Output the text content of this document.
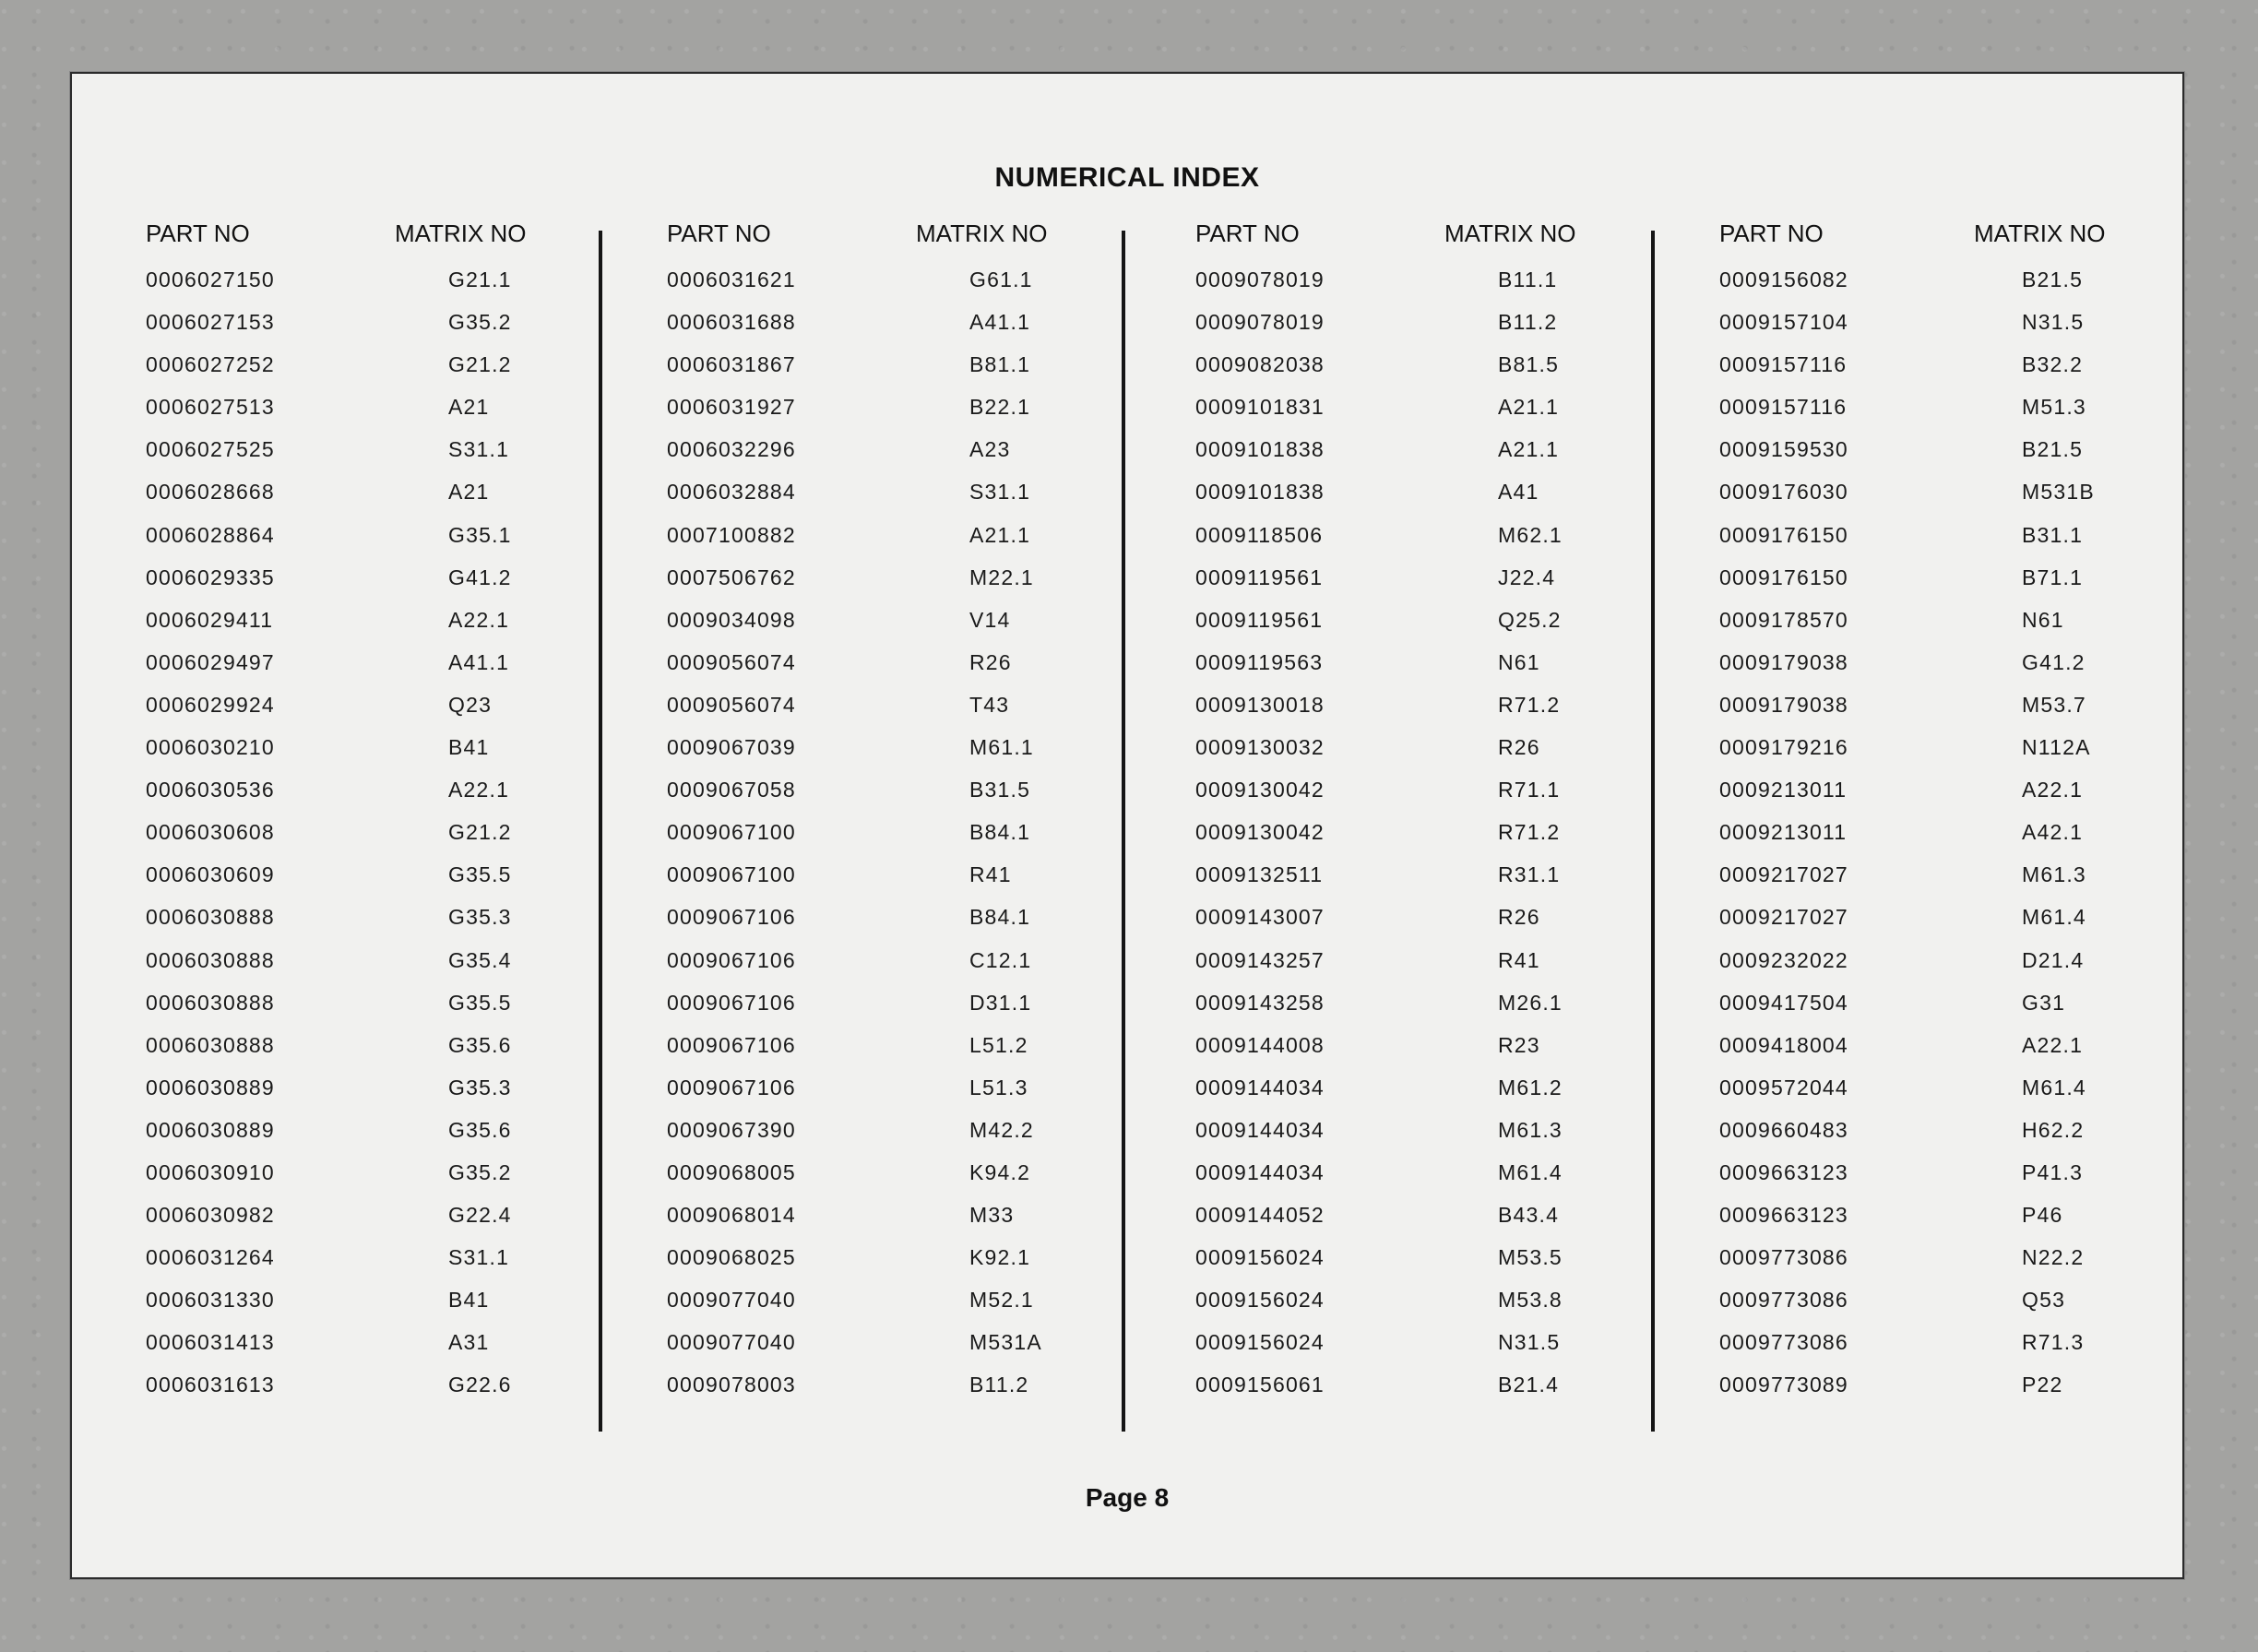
NUMERICAL INDEX
PART NO	MATRIX NO
0006027150	G21.1
0006027153	G35.2
0006027252	G21.2
0006027513	A21
0006027525	S31.1
0006028668	A21
0006028864	G35.1
0006029335	G41.2
0006029411	A22.1
0006029497	A41.1
0006029924	Q23
0006030210	B41
0006030536	A22.1
0006030608	G21.2
0006030609	G35.5
0006030888	G35.3
0006030888	G35.4
0006030888	G35.5
0006030888	G35.6
0006030889	G35.3
0006030889	G35.6
0006030910	G35.2
0006030982	G22.4
0006031264	S31.1
0006031330	B41
0006031413	A31
0006031613	G22.6
PART NO	MATRIX NO
0006031621	G61.1
0006031688	A41.1
0006031867	B81.1
0006031927	B22.1
0006032296	A23
0006032884	S31.1
0007100882	A21.1
0007506762	M22.1
0009034098	V14
0009056074	R26
0009056074	T43
0009067039	M61.1
0009067058	B31.5
0009067100	B84.1
0009067100	R41
0009067106	B84.1
0009067106	C12.1
0009067106	D31.1
0009067106	L51.2
0009067106	L51.3
0009067390	M42.2
0009068005	K94.2
0009068014	M33
0009068025	K92.1
0009077040	M52.1
0009077040	M531A
0009078003	B11.2
PART NO	MATRIX NO
0009078019	B11.1
0009078019	B11.2
0009082038	B81.5
0009101831	A21.1
0009101838	A21.1
0009101838	A41
0009118506	M62.1
0009119561	J22.4
0009119561	Q25.2
0009119563	N61
0009130018	R71.2
0009130032	R26
0009130042	R71.1
0009130042	R71.2
0009132511	R31.1
0009143007	R26
0009143257	R41
0009143258	M26.1
0009144008	R23
0009144034	M61.2
0009144034	M61.3
0009144034	M61.4
0009144052	B43.4
0009156024	M53.5
0009156024	M53.8
0009156024	N31.5
0009156061	B21.4
PART NO	MATRIX NO
0009156082	B21.5
0009157104	N31.5
0009157116	B32.2
0009157116	M51.3
0009159530	B21.5
0009176030	M531B
0009176150	B31.1
0009176150	B71.1
0009178570	N61
0009179038	G41.2
0009179038	M53.7
0009179216	N112A
0009213011	A22.1
0009213011	A42.1
0009217027	M61.3
0009217027	M61.4
0009232022	D21.4
0009417504	G31
0009418004	A22.1
0009572044	M61.4
0009660483	H62.2
0009663123	P41.3
0009663123	P46
0009773086	N22.2
0009773086	Q53
0009773086	R71.3
0009773089	P22
Page 8
